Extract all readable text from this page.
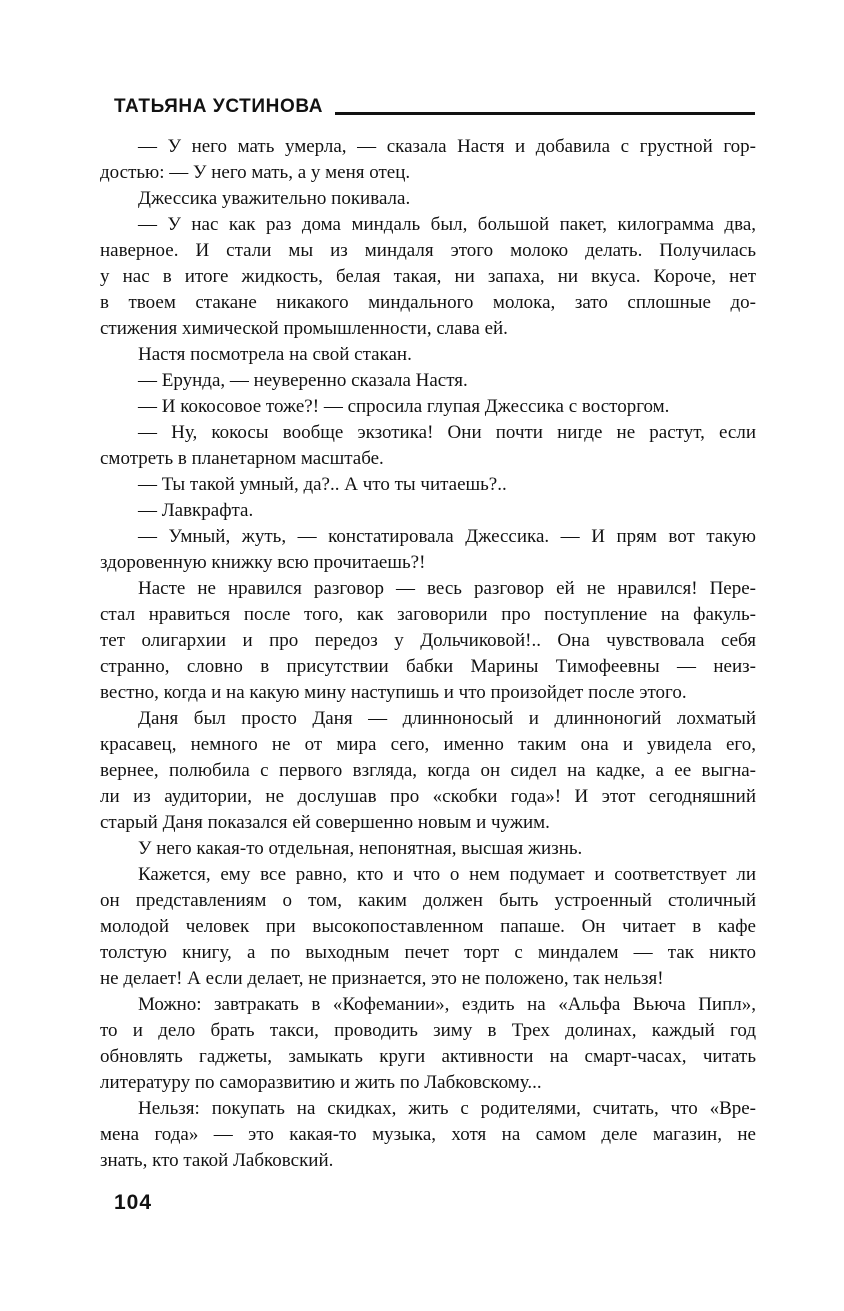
ТАТЬЯНА УСТИНОВА
— У него мать умерла, — сказала Настя и добавила с грустной гор-
достью: — У него мать, а у меня отец.
Джессика уважительно покивала.
— У нас как раз дома миндаль был, большой пакет, килограмма два,
наверное. И стали мы из миндаля этого молоко делать. Получилась
у нас в итоге жидкость, белая такая, ни запаха, ни вкуса. Короче, нет
в твоем стакане никакого миндального молока, зато сплошные до-
стижения химической промышленности, слава ей.
Настя посмотрела на свой стакан.
— Ерунда, — неуверенно сказала Настя.
— И кокосовое тоже?! — спросила глупая Джессика с восторгом.
— Ну, кокосы вообще экзотика! Они почти нигде не растут, если
смотреть в планетарном масштабе.
— Ты такой умный, да?.. А что ты читаешь?..
— Лавкрафта.
— Умный, жуть, — констатировала Джессика. — И прям вот такую
здоровенную книжку всю прочитаешь?!
Насте не нравился разговор — весь разговор ей не нравился! Пере-
стал нравиться после того, как заговорили про поступление на факуль-
тет олигархии и про передоз у Дольчиковой!.. Она чувствовала себя
странно, словно в присутствии бабки Марины Тимофеевны — неиз-
вестно, когда и на какую мину наступишь и что произойдет после этого.
Даня был просто Даня — длинноносый и длинноногий лохматый
красавец, немного не от мира сего, именно таким она и увидела его,
вернее, полюбила с первого взгляда, когда он сидел на кадке, а ее выгна-
ли из аудитории, не дослушав про «скобки года»! И этот сегодняшний
старый Даня показался ей совершенно новым и чужим.
У него какая-то отдельная, непонятная, высшая жизнь.
Кажется, ему все равно, кто и что о нем подумает и соответствует ли
он представлениям о том, каким должен быть устроенный столичный
молодой человек при высокопоставленном папаше. Он читает в кафе
толстую книгу, а по выходным печет торт с миндалем — так никто
не делает! А если делает, не признается, это не положено, так нельзя!
Можно: завтракать в «Кофемании», ездить на «Альфа Вьюча Пипл»,
то и дело брать такси, проводить зиму в Трех долинах, каждый год
обновлять гаджеты, замыкать круги активности на смарт-часах, читать
литературу по саморазвитию и жить по Лабковскому...
Нельзя: покупать на скидках, жить с родителями, считать, что «Вре-
мена года» — это какая-то музыка, хотя на самом деле магазин, не
знать, кто такой Лабковский.
104
